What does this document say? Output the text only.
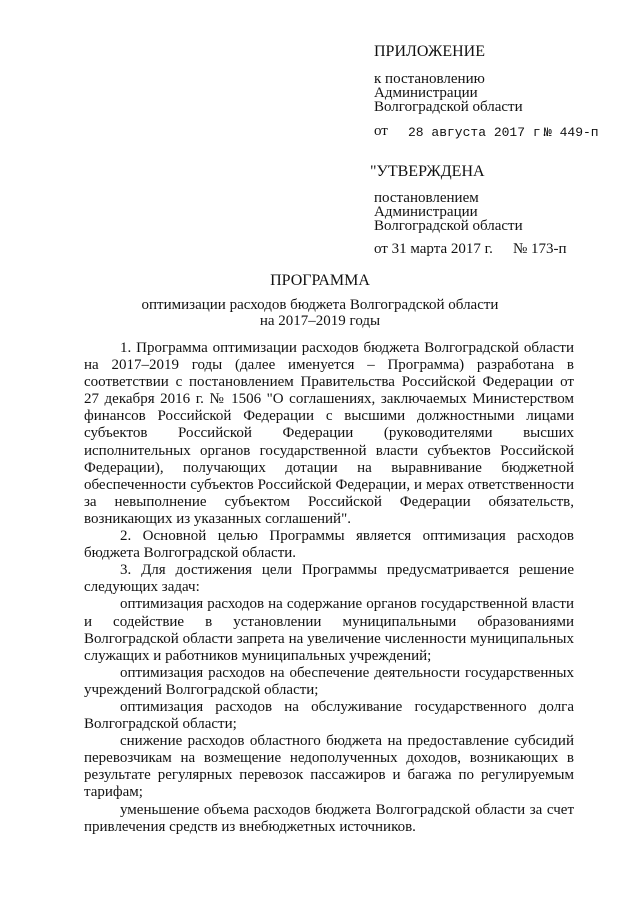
ПРИЛОЖЕНИЕ
к постановлению
Администрации
Волгоградской области
от 28 августа 2017 г.
№ 449-п
"УТВЕРЖДЕНА
постановлением
Администрации
Волгоградской области
от 31 марта 2017 г. № 173-п
ПРОГРАММА
оптимизации расходов бюджета Волгоградской области
на 2017–2019 годы

1. Программа оптимизации расходов бюджета Волгоградской области на 2017–2019 годы (далее именуется – Программа) разработана в соответствии с постановлением Правительства Российской Федерации от 27 декабря 2016 г. № 1506 "О соглашениях, заключаемых Министерством финансов Российской Федерации с высшими должностными лицами субъектов Российской Федерации (руководителями высших исполнительных органов государственной власти субъектов Российской Федерации), получающих дотации на выравнивание бюджетной обеспеченности субъектов Российской Федерации, и мерах ответственности за невыполнение субъектом Российской Федерации обязательств, возникающих из указанных соглашений".

2. Основной целью Программы является оптимизация расходов бюджета Волгоградской области.

3. Для достижения цели Программы предусматривается решение следующих задач:

оптимизация расходов на содержание органов государственной власти и содействие в установлении муниципальными образованиями Волгоградской области запрета на увеличение численности муниципальных служащих и работников муниципальных учреждений;

оптимизация расходов на обеспечение деятельности государственных учреждений Волгоградской области;

оптимизация расходов на обслуживание государственного долга Волгоградской области;

снижение расходов областного бюджета на предоставление субсидий перевозчикам на возмещение недополученных доходов, возникающих в результате регулярных перевозок пассажиров и багажа по регулируемым тарифам;

уменьшение объема расходов бюджета Волгоградской области за счет привлечения средств из внебюджетных источников.
